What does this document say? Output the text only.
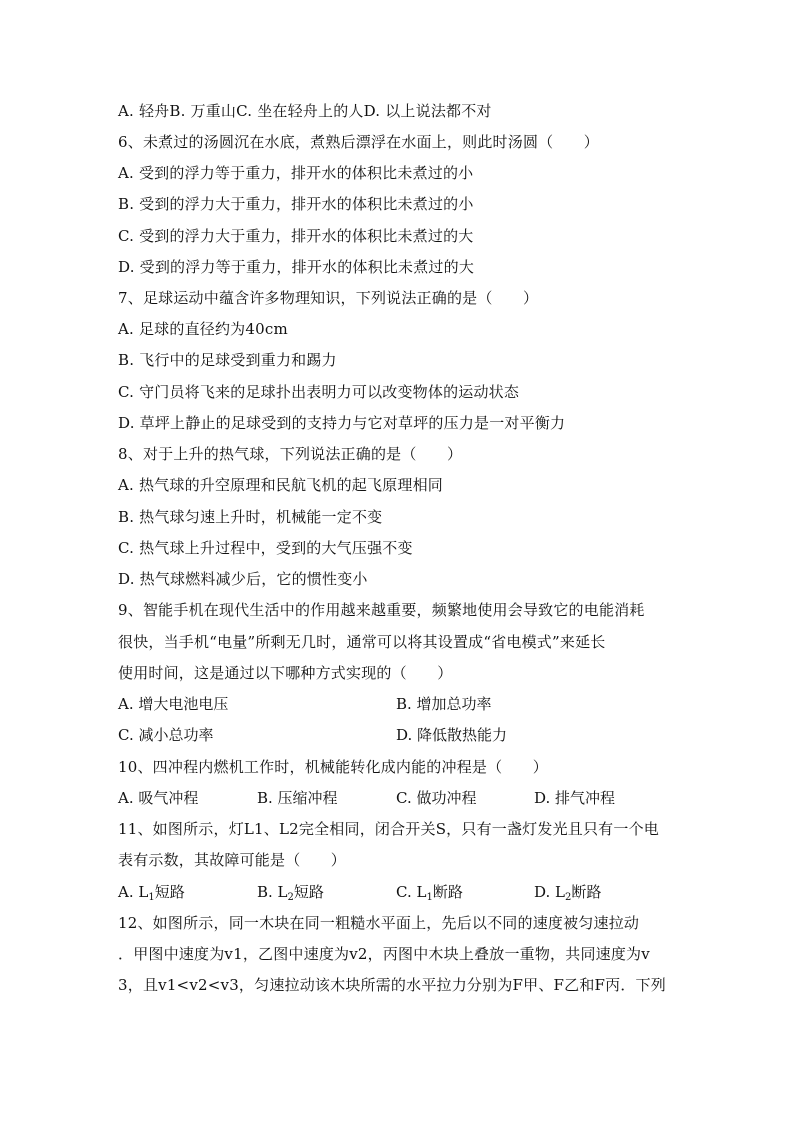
A. 轻舟B. 万重山C. 坐在轻舟上的人D. 以上说法都不对
6、未煮过的汤圆沉在水底，煮熟后漂浮在水面上，则此时汤圆（　　）
A. 受到的浮力等于重力，排开水的体积比未煮过的小
B. 受到的浮力大于重力，排开水的体积比未煮过的小
C. 受到的浮力大于重力，排开水的体积比未煮过的大
D. 受到的浮力等于重力，排开水的体积比未煮过的大
7、足球运动中蕴含许多物理知识，下列说法正确的是（　　）
A. 足球的直径约为40cm
B. 飞行中的足球受到重力和踢力
C. 守门员将飞来的足球扑出表明力可以改变物体的运动状态
D. 草坪上静止的足球受到的支持力与它对草坪的压力是一对平衡力
8、对于上升的热气球，下列说法正确的是（　　）
A. 热气球的升空原理和民航飞机的起飞原理相同
B. 热气球匀速上升时，机械能一定不变
C. 热气球上升过程中，受到的大气压强不变
D. 热气球燃料减少后，它的惯性变小
9、智能手机在现代生活中的作用越来越重要，频繁地使用会导致它的电能消耗
很快，当手机“电量”所剩无几时，通常可以将其设置成“省电模式”来延长
使用时间，这是通过以下哪种方式实现的（　　）
A. 增大电池电压	B. 增加总功率
C. 减小总功率	D. 降低散热能力
10、四冲程内燃机工作时，机械能转化成内能的冲程是（　　）
A. 吸气冲程	B. 压缩冲程	C. 做功冲程	D. 排气冲程
11、如图所示，灯L1、L2完全相同，闭合开关S，只有一盏灯发光且只有一个电
表有示数，其故障可能是（　　）
A. $L_1$短路	B. $L_2$短路	C. $L_1$断路	D. $L_2$断路
12、如图所示，同一木块在同一粗糙水平面上，先后以不同的速度被匀速拉动
．甲图中速度为v1，乙图中速度为v2，丙图中木块上叠放一重物，共同速度为v
3，且v1<v2<v3，匀速拉动该木块所需的水平拉力分别为F甲、F乙和F丙．下列
